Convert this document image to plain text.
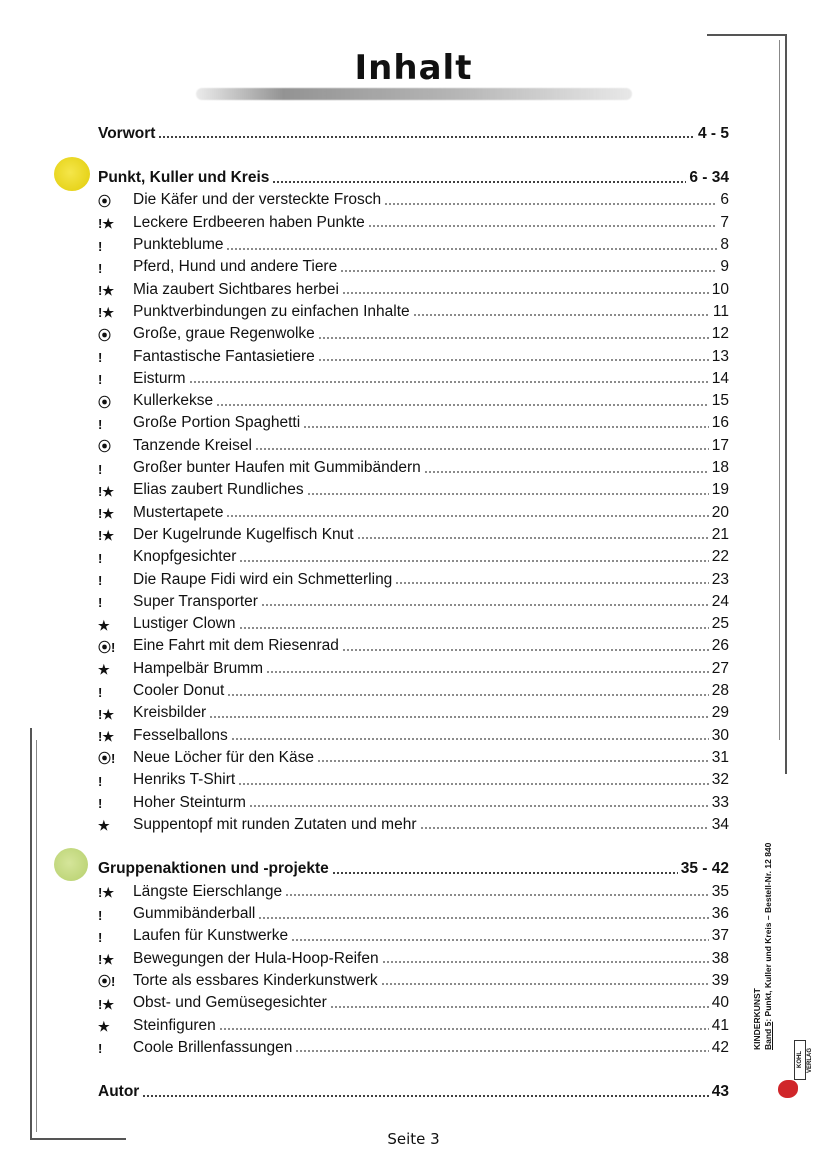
Inhalt
Vorwort	4 - 5
Punkt, Kuller und Kreis	6 - 34
⦿	Die Käfer und der versteckte Frosch	6
!★	Leckere Erdbeeren haben Punkte	7
!	Punkteblume	8
!	Pferd, Hund und andere Tiere	9
!★	Mia zaubert Sichtbares herbei	10
!★	Punktverbindungen zu einfachen Inhalte	11
⦿	Große, graue Regenwolke	12
!	Fantastische Fantasietiere	13
!	Eisturm	14
⦿	Kullerkekse	15
!	Große Portion Spaghetti	16
⦿	Tanzende Kreisel	17
!	Großer bunter Haufen mit Gummibändern	18
!★	Elias zaubert Rundliches	19
!★	Mustertapete	20
!★	Der Kugelrunde Kugelfisch Knut	21
!	Knopfgesichter	22
!	Die Raupe Fidi wird ein Schmetterling	23
!	Super Transporter	24
★	Lustiger Clown	25
⦿!	Eine Fahrt mit dem Riesenrad	26
★	Hampelbär Brumm	27
!	Cooler Donut	28
!★	Kreisbilder	29
!★	Fesselballons	30
⦿!	Neue Löcher für den Käse	31
!	Henriks T-Shirt	32
!	Hoher Steinturm	33
★	Suppentopf mit runden Zutaten und mehr	34
Gruppenaktionen und -projekte	35 - 42
!★	Längste Eierschlange	35
!	Gummibänderball	36
!	Laufen für Kunstwerke	37
!★	Bewegungen der Hula-Hoop-Reifen	38
⦿!	Torte als essbares Kinderkunstwerk	39
!★	Obst- und Gemüsegesichter	40
★	Steinfiguren	41
!	Coole Brillenfassungen	42
Autor	43
KINDERKUNST Band 5: Punkt, Kuller und Kreis – Bestell-Nr. 12 840
KOHL VERLAG
Seite 3
